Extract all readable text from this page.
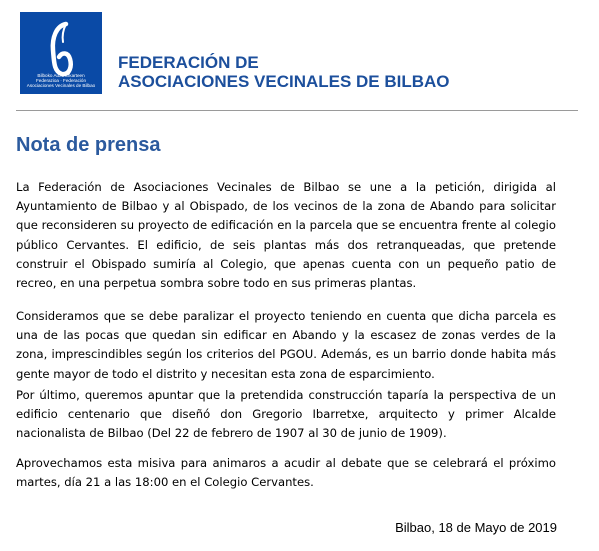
Bilboko Auzo Elkarteen
Federazioa · Federación
Asociaciones Vecinales de Bilbao
FEDERACIÓN DE
ASOCIACIONES VECINALES DE BILBAO
Nota de prensa

La Federación de Asociaciones Vecinales de Bilbao se une a la petición, dirigida al Ayuntamiento de Bilbao y al Obispado, de los vecinos de la zona de Abando para solicitar que reconsideren su proyecto de edificación en la parcela que se encuentra frente al colegio público Cervantes. El edificio, de seis plantas más dos retranqueadas, que pretende construir el Obispado sumiría al Colegio, que apenas cuenta con un pequeño patio de recreo, en una perpetua sombra sobre todo en sus primeras plantas.

Consideramos que se debe paralizar el proyecto teniendo en cuenta que dicha parcela es una de las pocas que quedan sin edificar en Abando y la escasez de zonas verdes de la zona, imprescindibles según los criterios del PGOU. Además, es un barrio donde habita más gente mayor de todo el distrito y necesitan esta zona de esparcimiento.

Por último, queremos apuntar que la pretendida construcción taparía la perspectiva de un edificio centenario que diseñó don Gregorio Ibarretxe, arquitecto y primer Alcalde nacionalista de Bilbao (Del 22 de febrero de 1907 al 30 de junio de 1909).

Aprovechamos esta misiva para animaros a acudir al debate que se celebrará el próximo martes, día 21 a las 18:00 en el Colegio Cervantes.

Bilbao, 18 de Mayo de 2019
